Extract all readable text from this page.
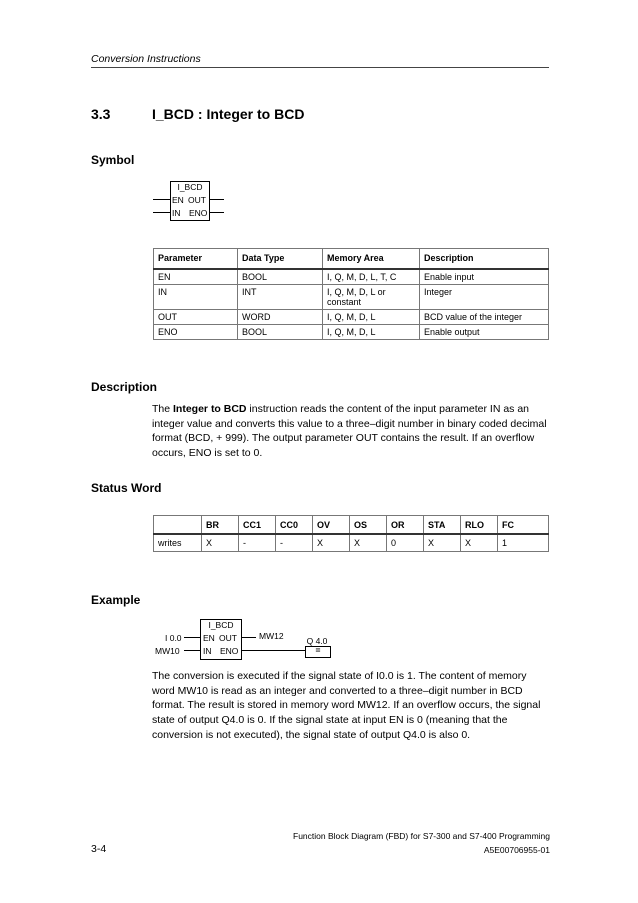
Conversion Instructions
3.3	I_BCD : Integer to BCD
Symbol
I_BCD
EN OUT
IN ENO
Parameter	Data Type	Memory Area	Description
EN	BOOL	I, Q, M, D, L, T, C	Enable input
IN	INT	I, Q, M, D, L or constant	Integer
OUT	WORD	I, Q, M, D, L	BCD value of the integer
ENO	BOOL	I, Q, M, D, L	Enable output
Description
The Integer to BCD instruction reads the content of the input parameter IN as an integer value and converts this value to a three–digit number in binary coded decimal format (BCD, + 999). The output parameter OUT contains the result. If an overflow occurs, ENO is set to 0.
Status Word
	BR	CC1	CC0	OV	OS	OR	STA	RLO	FC
writes	X	-	-	X	X	0	X	X	1
Example
I_BCD
EN OUT
IN ENO
I 0.0
MW10
MW12	Q 4.0
=
The conversion is executed if the signal state of I0.0 is 1. The content of memory word MW10 is read as an integer and converted to a three–digit number in BCD format. The result is stored in memory word MW12. If an overflow occurs, the signal state of output Q4.0 is 0. If the signal state at input EN is 0 (meaning that the conversion is not executed), the signal state of output Q4.0 is also 0.
Function Block Diagram (FBD) for S7-300 and S7-400 Programming
A5E00706955-01
3-4
